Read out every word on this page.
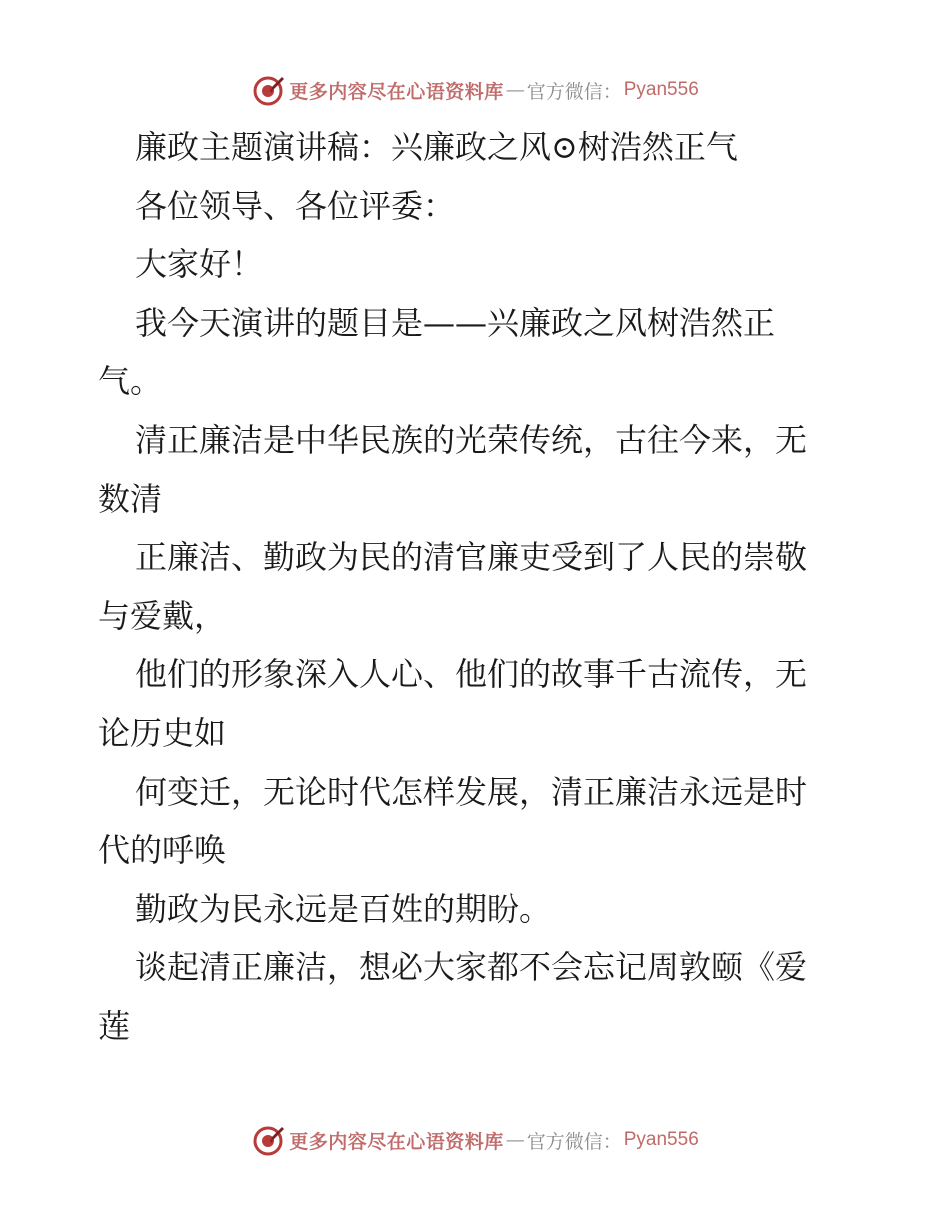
更多内容尽在心语资料库 — 官方微信： Pyan556

廉政主题演讲稿：兴廉政之风⊙树浩然正气

各位领导、各位评委：

大家好！

我今天演讲的题目是——兴廉政之风树浩然正

气。

清正廉洁是中华民族的光荣传统，古往今来，无

数清

正廉洁、勤政为民的清官廉吏受到了人民的崇敬

与爱戴，

他们的形象深入人心、他们的故事千古流传，无

论历史如

何变迁，无论时代怎样发展，清正廉洁永远是时

代的呼唤

勤政为民永远是百姓的期盼。

谈起清正廉洁，想必大家都不会忘记周敦颐《爱

莲

更多内容尽在心语资料库 — 官方微信： Pyan556
